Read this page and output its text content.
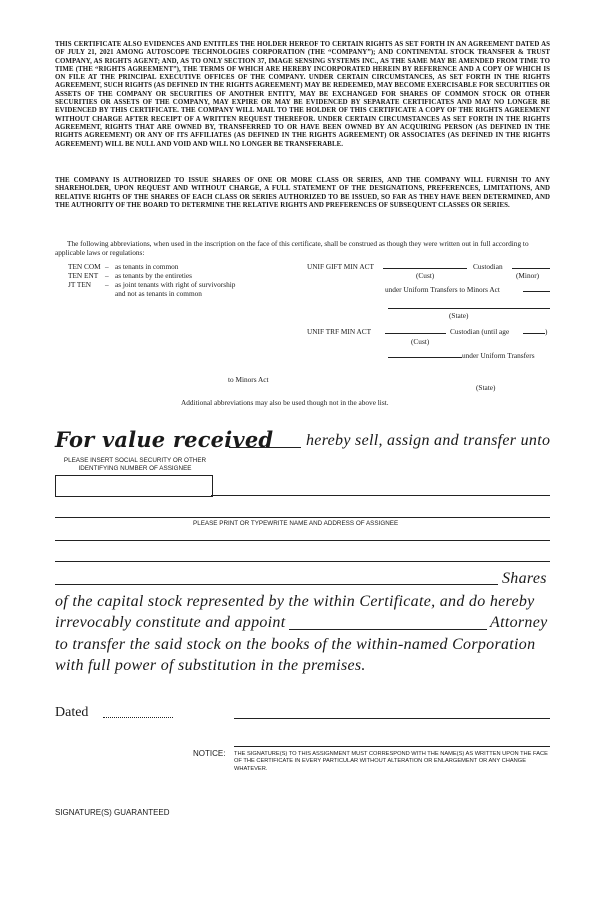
THIS CERTIFICATE ALSO EVIDENCES AND ENTITLES THE HOLDER HEREOF TO CERTAIN RIGHTS AS SET FORTH IN AN AGREEMENT DATED AS OF JULY 21, 2021 AMONG AUTOSCOPE TECHNOLOGIES CORPORATION (THE “COMPANY”); AND CONTINENTAL STOCK TRANSFER & TRUST COMPANY, AS RIGHTS AGENT; AND, AS TO ONLY SECTION 37, IMAGE SENSING SYSTEMS INC., AS THE SAME MAY BE AMENDED FROM TIME TO TIME (THE “RIGHTS AGREEMENT”), THE TERMS OF WHICH ARE HEREBY INCORPORATED HEREIN BY REFERENCE AND A COPY OF WHICH IS ON FILE AT THE PRINCIPAL EXECUTIVE OFFICES OF THE COMPANY. UNDER CERTAIN CIRCUMSTANCES, AS SET FORTH IN THE RIGHTS AGREEMENT, SUCH RIGHTS (AS DEFINED IN THE RIGHTS AGREEMENT) MAY BE REDEEMED, MAY BECOME EXERCISABLE FOR SECURITIES OR ASSETS OF THE COMPANY OR SECURITIES OF ANOTHER ENTITY, MAY BE EXCHANGED FOR SHARES OF COMMON STOCK OR OTHER SECURITIES OR ASSETS OF THE COMPANY, MAY EXPIRE OR MAY BE EVIDENCED BY SEPARATE CERTIFICATES AND MAY NO LONGER BE EVIDENCED BY THIS CERTIFICATE. THE COMPANY WILL MAIL TO THE HOLDER OF THIS CERTIFICATE A COPY OF THE RIGHTS AGREEMENT WITHOUT CHARGE AFTER RECEIPT OF A WRITTEN REQUEST THEREFOR. UNDER CERTAIN CIRCUMSTANCES AS SET FORTH IN THE RIGHTS AGREEMENT, RIGHTS THAT ARE OWNED BY, TRANSFERRED TO OR HAVE BEEN OWNED BY AN ACQUIRING PERSON (AS DEFINED IN THE RIGHTS AGREEMENT) OR ANY OF ITS AFFILIATES (AS DEFINED IN THE RIGHTS AGREEMENT) OR ASSOCIATES (AS DEFINED IN THE RIGHTS AGREEMENT) WILL BE NULL AND VOID AND WILL NO LONGER BE TRANSFERABLE.
THE COMPANY IS AUTHORIZED TO ISSUE SHARES OF ONE OR MORE CLASS OR SERIES, AND THE COMPANY WILL FURNISH TO ANY SHAREHOLDER, UPON REQUEST AND WITHOUT CHARGE, A FULL STATEMENT OF THE DESIGNATIONS, PREFERENCES, LIMITATIONS, AND RELATIVE RIGHTS OF THE SHARES OF EACH CLASS OR SERIES AUTHORIZED TO BE ISSUED, SO FAR AS THEY HAVE BEEN DETERMINED, AND THE AUTHORITY OF THE BOARD TO DETERMINE THE RELATIVE RIGHTS AND PREFERENCES OF SUBSEQUENT CLASSES OR SERIES.
The following abbreviations, when used in the inscription on the face of this certificate, shall be construed as though they were written out in full according to applicable laws or regulations:
TEN COM – as tenants in common
TEN ENT – as tenants by the entireties
JT TEN – as joint tenants with right of survivorship
and not as tenants in common
UNIF GIFT MIN ACT	Custodian
(Cust)	(Minor)
under Uniform Transfers to Minors Act
(State)
UNIF TRF MIN ACT	Custodian (until age	)
(Cust)
under Uniform Transfers
to Minors Act
(State)
Additional abbreviations may also be used though not in the above list.
For value received hereby sell, assign and transfer unto
PLEASE INSERT SOCIAL SECURITY OR OTHER IDENTIFYING NUMBER OF ASSIGNEE
PLEASE PRINT OR TYPEWRITE NAME AND ADDRESS OF ASSIGNEE
Shares
of the capital stock represented by the within Certificate, and do hereby
irrevocably constitute and appoint	Attorney
to transfer the said stock on the books of the within-named Corporation
with full power of substitution in the premises.
Dated
NOTICE: THE SIGNATURE(S) TO THIS ASSIGNMENT MUST CORRESPOND WITH THE NAME(S) AS WRITTEN UPON THE FACE OF THE CERTIFICATE IN EVERY PARTICULAR WITHOUT ALTERATION OR ENLARGEMENT OR ANY CHANGE WHATEVER.
SIGNATURE(S) GUARANTEED
